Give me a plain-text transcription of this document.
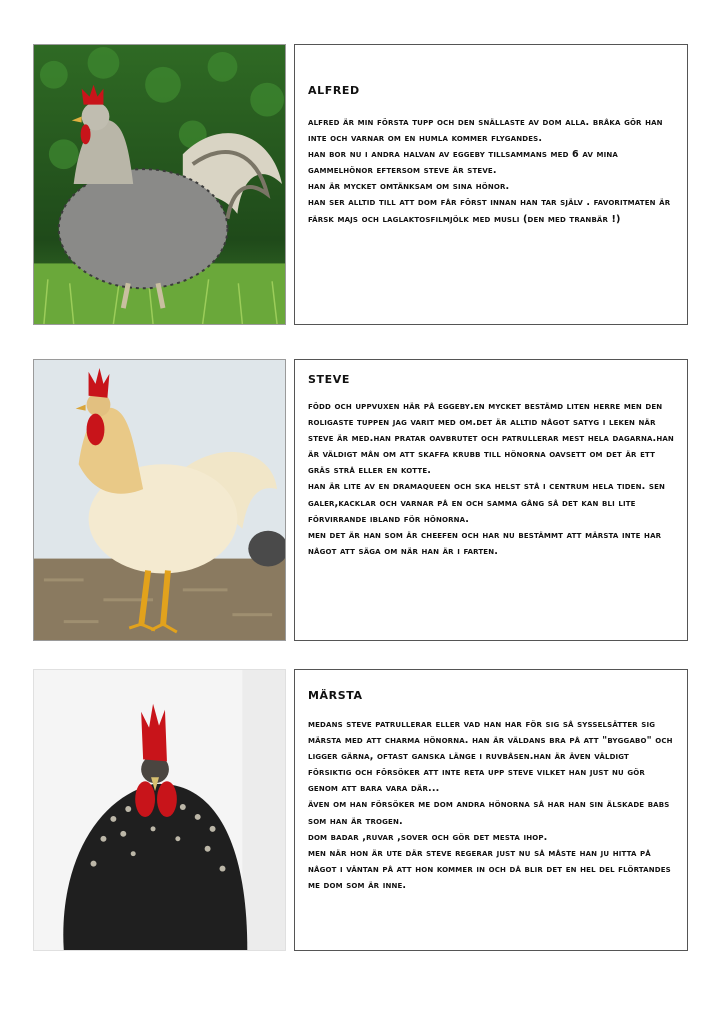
alfred

alfred är min första tupp och den snällaste av dom alla. bråka gör han inte och varnar om en humla kommer flygandes.
han bor nu i andra halvan av eggeby tillsammans med 6 av mina gammelhönor eftersom steve är steve.
han är mycket omtänksam om sina hönor.
han ser alltid till att dom får först innan han tar själv . favoritmaten är färsk majs och laglaktosfilmjölk med musli (den med tranbär !)

steve

född och uppvuxen här på eggeby.en mycket bestämd liten herre men den roligaste tuppen jag varit med om.det är alltid något satyg i leken när steve är med.han pratar oavbrutet och patrullerar mest hela dagarna.han är väldigt mån om att skaffa krubb till hönorna oavsett om det är ett gräs strå eller en kotte.
han är lite av en dramaqueen och ska helst stå i centrum hela tiden. sen galer,kacklar och varnar på en och samma gång så det kan bli lite förvirrande ibland för hönorna.
men det är han som är cheefen och har nu bestämmt att märsta inte har något att säga om när han är i farten.

märsta

medans steve patrullerar eller vad han har för sig så sysselsätter sig märsta med att charma hönorna. han är väldans bra på att "byggabo" och ligger gärna, oftast ganska länge i ruvbåsen.han är även väldigt försiktig och försöker att inte reta upp steve vilket han just nu gör genom att bara vara där...
även om han försöker me dom andra hönorna så har han sin älskade babs som han är trogen.
dom badar ,ruvar ,sover och gör det mesta ihop.
men när hon är ute där steve regerar just nu så måste han ju hitta på något i väntan på att hon kommer in och då blir det en hel del flörtandes me dom som är inne.
